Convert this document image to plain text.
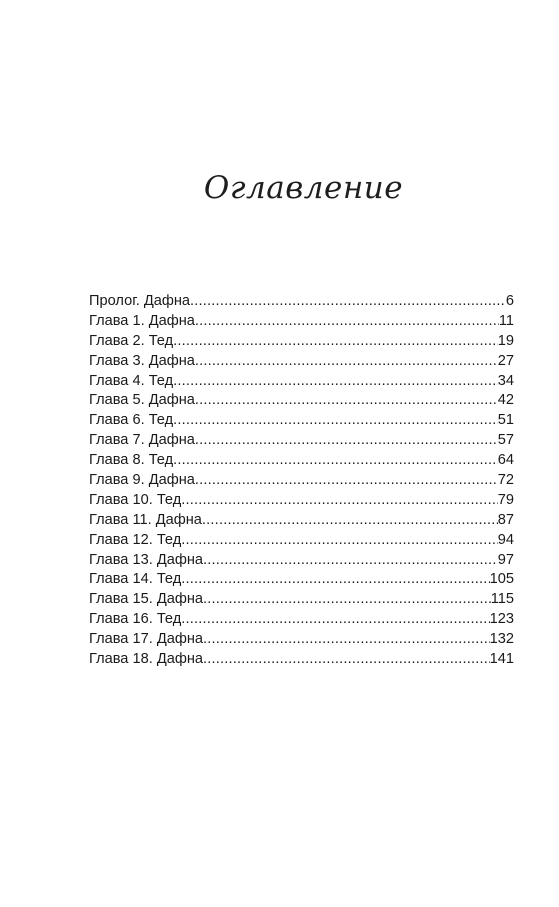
Оглавление
Пролог. Дафна .....	6
Глава 1. Дафна .....	11
Глава 2. Тед .....	19
Глава 3. Дафна .....	27
Глава 4. Тед .....	34
Глава 5. Дафна .....	42
Глава 6. Тед .....	51
Глава 7. Дафна .....	57
Глава 8. Тед .....	64
Глава 9. Дафна .....	72
Глава 10. Тед .....	79
Глава 11. Дафна .....	87
Глава 12. Тед .....	94
Глава 13. Дафна .....	97
Глава 14. Тед .....	105
Глава 15. Дафна .....	115
Глава 16. Тед .....	123
Глава 17. Дафна .....	132
Глава 18. Дафна .....	141
